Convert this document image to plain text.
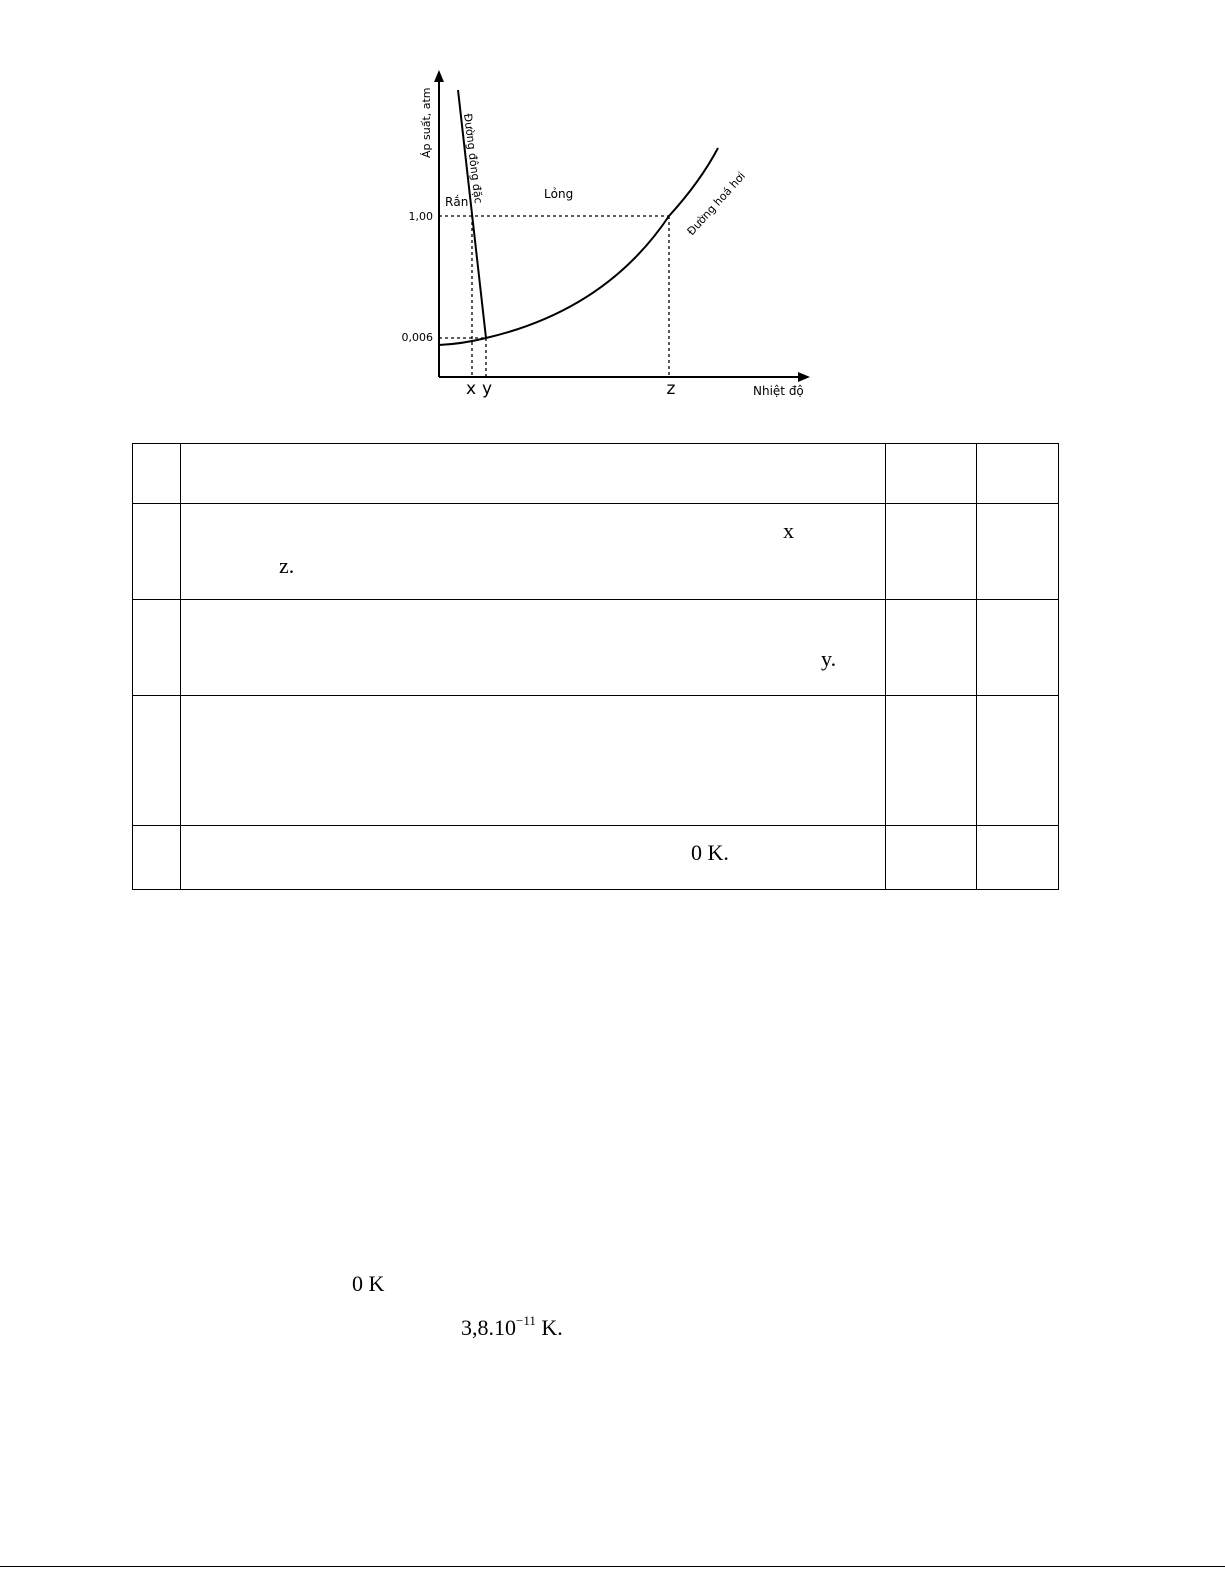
Áp suất, atm
1,00
0,006
Rắn
Lỏng
Đường đông đặc	Đường hoá hơi
Nhiệt độ
x y	z

	x
z.		

	y.		

	0 K.		

0 K
$3,8.10^{-11}$ K.
